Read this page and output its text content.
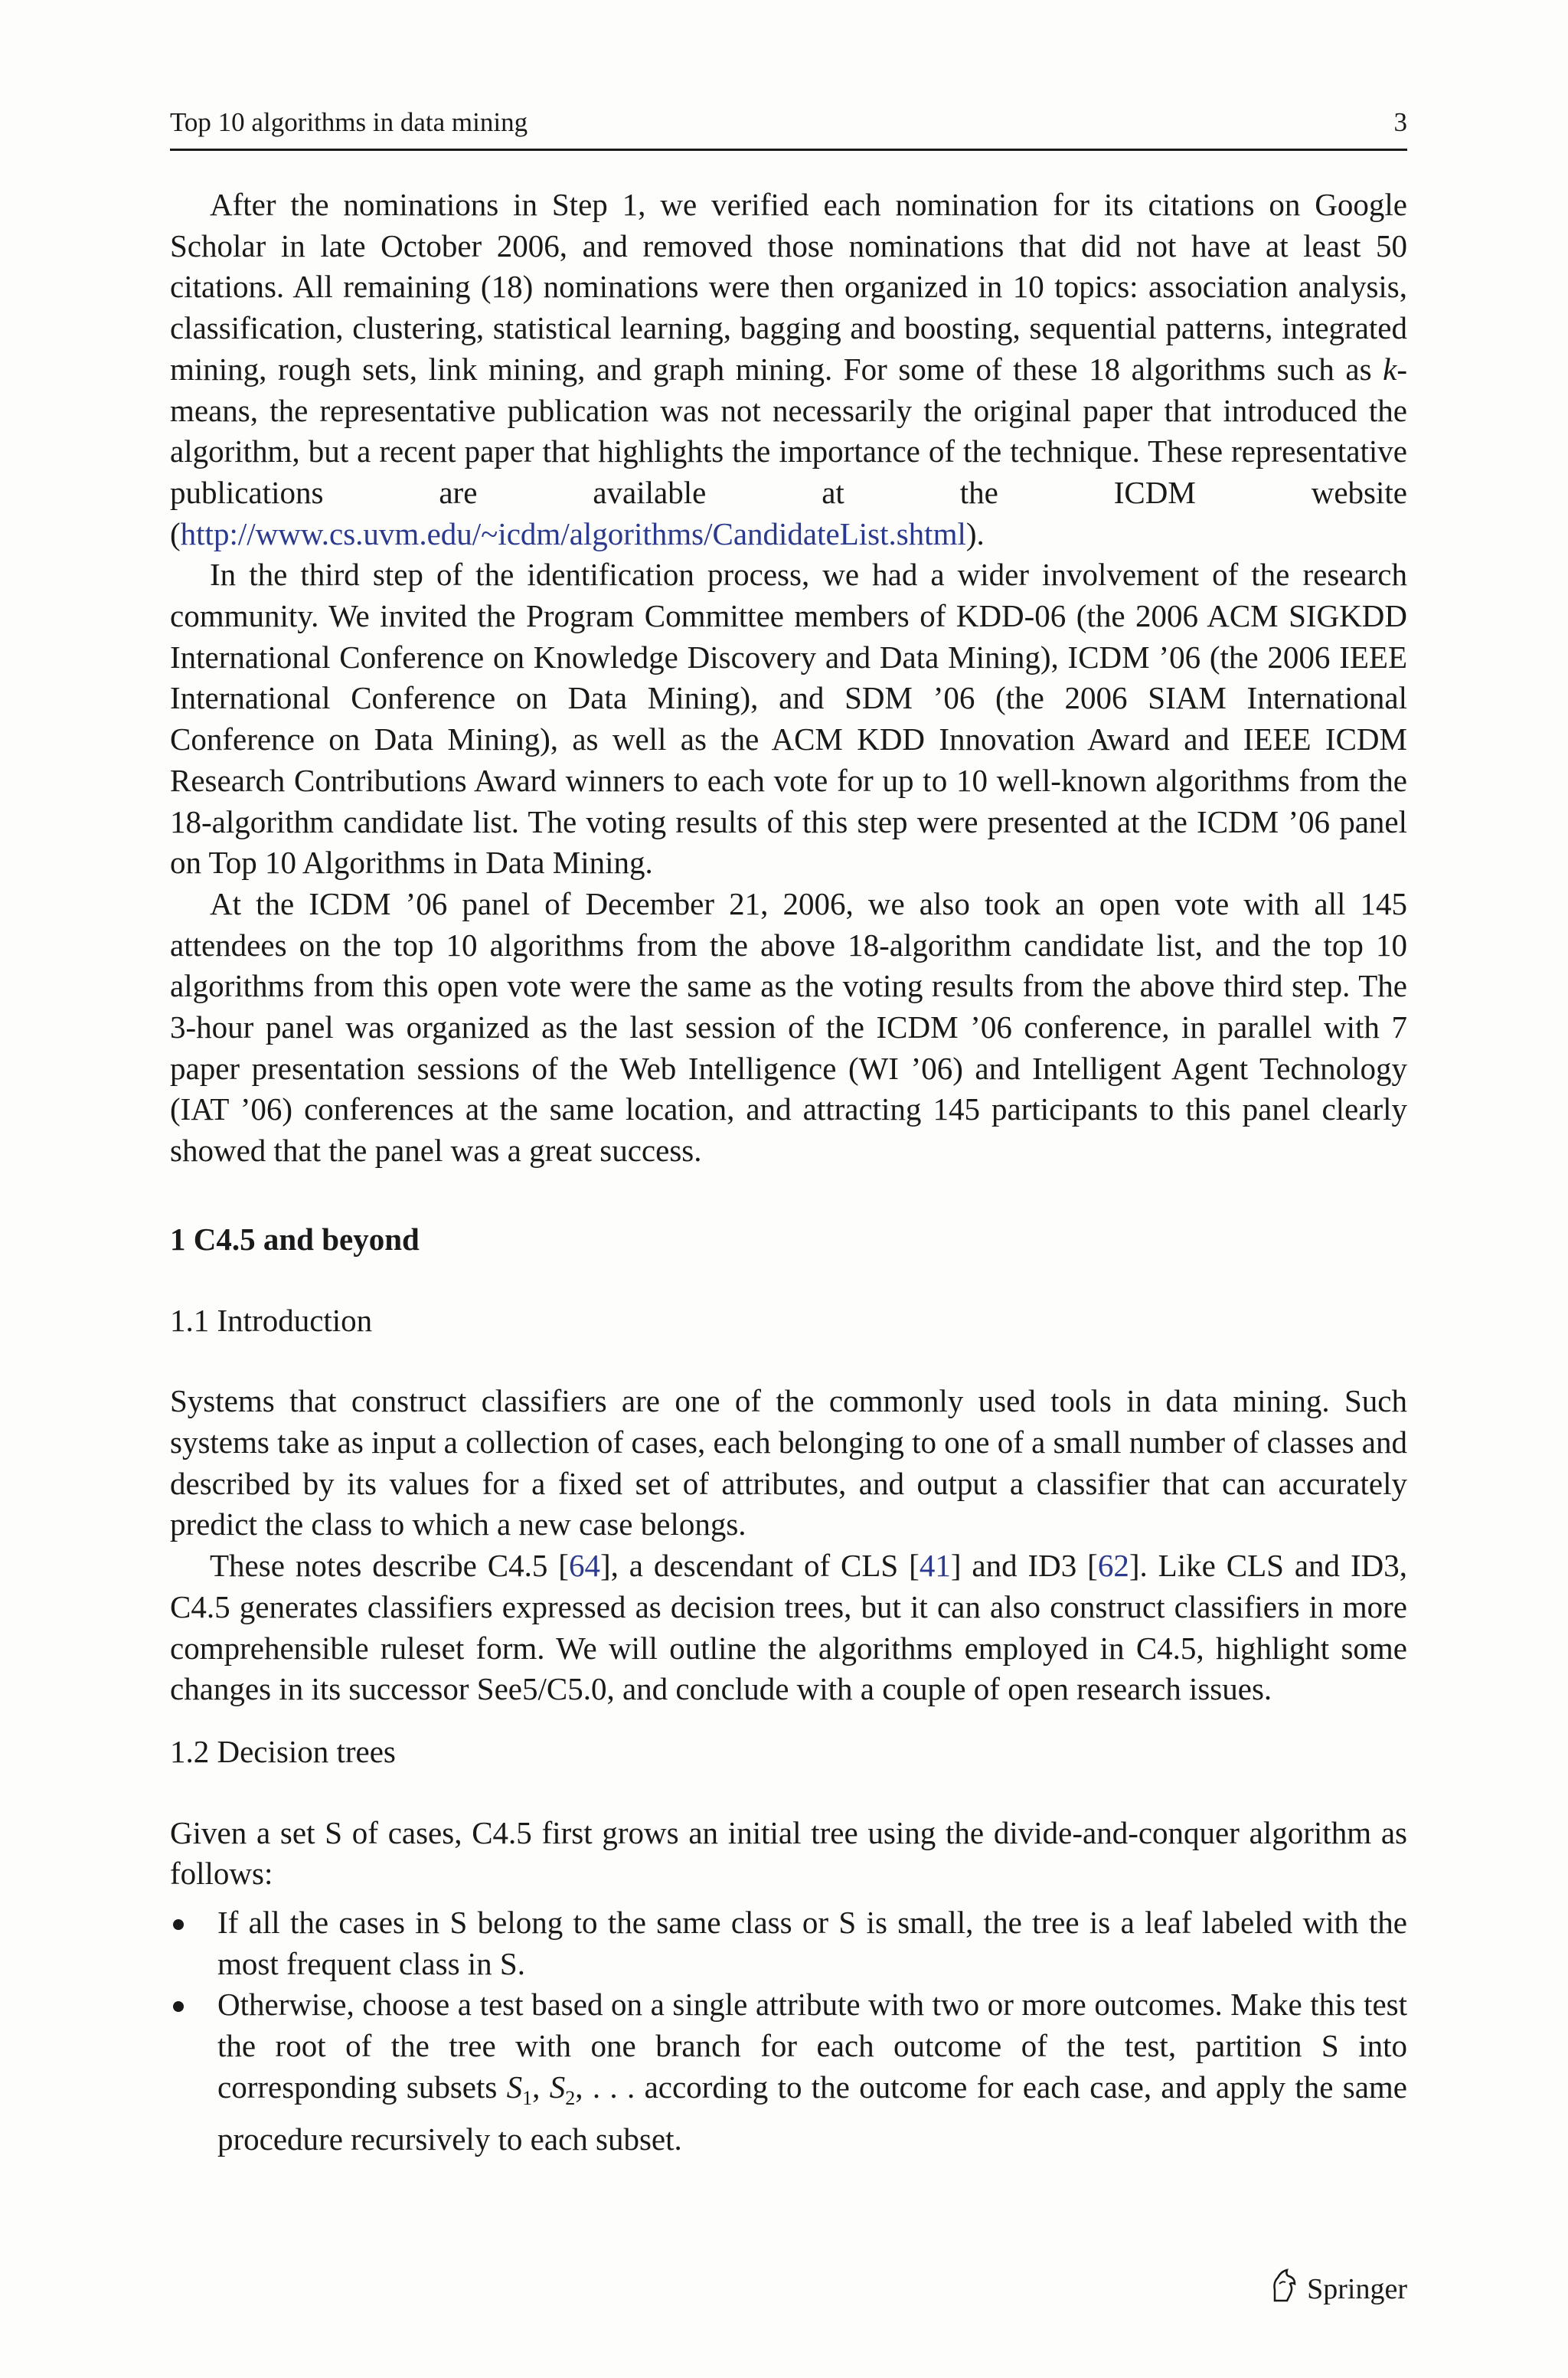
Top 10 algorithms in data mining	3

After the nominations in Step 1, we verified each nomination for its citations on Google Scholar in late October 2006, and removed those nominations that did not have at least 50 citations. All remaining (18) nominations were then organized in 10 topics: association analysis, classification, clustering, statistical learning, bagging and boosting, sequential patterns, integrated mining, rough sets, link mining, and graph mining. For some of these 18 algorithms such as k-means, the representative publication was not necessarily the original paper that introduced the algorithm, but a recent paper that highlights the importance of the technique. These representative publications are available at the ICDM website (http://www.cs.uvm.edu/~icdm/algorithms/CandidateList.shtml).

In the third step of the identification process, we had a wider involvement of the research community. We invited the Program Committee members of KDD-06 (the 2006 ACM SIGKDD International Conference on Knowledge Discovery and Data Mining), ICDM ’06 (the 2006 IEEE International Conference on Data Mining), and SDM ’06 (the 2006 SIAM International Conference on Data Mining), as well as the ACM KDD Innovation Award and IEEE ICDM Research Contributions Award winners to each vote for up to 10 well-known algorithms from the 18-algorithm candidate list. The voting results of this step were presented at the ICDM ’06 panel on Top 10 Algorithms in Data Mining.

At the ICDM ’06 panel of December 21, 2006, we also took an open vote with all 145 attendees on the top 10 algorithms from the above 18-algorithm candidate list, and the top 10 algorithms from this open vote were the same as the voting results from the above third step. The 3-hour panel was organized as the last session of the ICDM ’06 conference, in parallel with 7 paper presentation sessions of the Web Intelligence (WI ’06) and Intelligent Agent Technology (IAT ’06) conferences at the same location, and attracting 145 participants to this panel clearly showed that the panel was a great success.

1 C4.5 and beyond
1.1 Introduction

Systems that construct classifiers are one of the commonly used tools in data mining. Such systems take as input a collection of cases, each belonging to one of a small number of classes and described by its values for a fixed set of attributes, and output a classifier that can accurately predict the class to which a new case belongs.

These notes describe C4.5 [64], a descendant of CLS [41] and ID3 [62]. Like CLS and ID3, C4.5 generates classifiers expressed as decision trees, but it can also construct classifiers in more comprehensible ruleset form. We will outline the algorithms employed in C4.5, highlight some changes in its successor See5/C5.0, and conclude with a couple of open research issues.

1.2 Decision trees

Given a set S of cases, C4.5 first grows an initial tree using the divide-and-conquer algorithm as follows:

If all the cases in S belong to the same class or S is small, the tree is a leaf labeled with the most frequent class in S.
Otherwise, choose a test based on a single attribute with two or more outcomes. Make this test the root of the tree with one branch for each outcome of the test, partition S into corresponding subsets $S_1$, $S_2$, . . . according to the outcome for each case, and apply the same procedure recursively to each subset.
Springer
